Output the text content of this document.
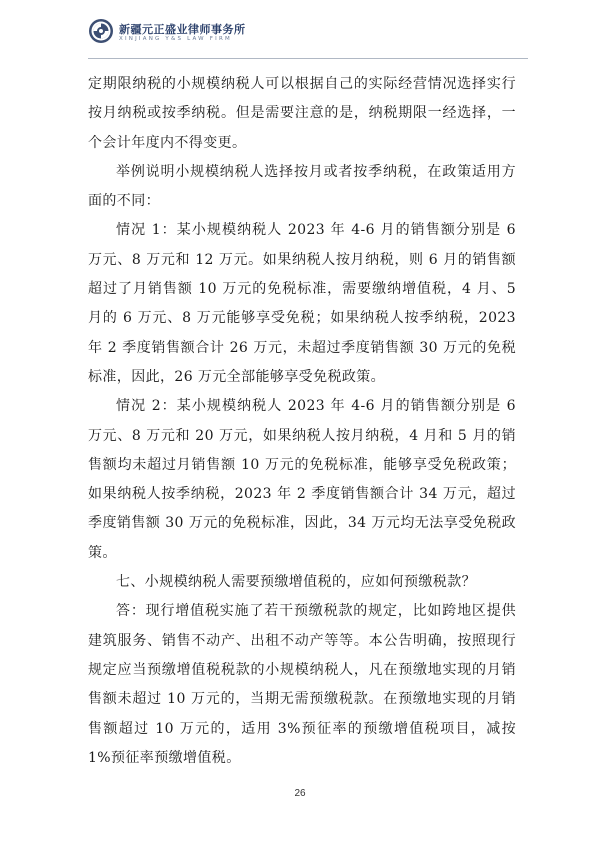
新疆元正盛业律师事务所
XINJIANG Y&S LAW FIRM

定期限纳税的小规模纳税人可以根据自己的实际经营情况选择实行按月纳税或按季纳税。但是需要注意的是，纳税期限一经选择，一个会计年度内不得变更。

举例说明小规模纳税人选择按月或者按季纳税，在政策适用方面的不同：

情况 1：某小规模纳税人 2023 年 4-6 月的销售额分别是 6 万元、8 万元和 12 万元。如果纳税人按月纳税，则 6 月的销售额超过了月销售额 10 万元的免税标准，需要缴纳增值税，4 月、5 月的 6 万元、8 万元能够享受免税；如果纳税人按季纳税，2023 年 2 季度销售额合计 26 万元，未超过季度销售额 30 万元的免税标准，因此，26 万元全部能够享受免税政策。

情况 2：某小规模纳税人 2023 年 4-6 月的销售额分别是 6 万元、8 万元和 20 万元，如果纳税人按月纳税，4 月和 5 月的销售额均未超过月销售额 10 万元的免税标准，能够享受免税政策；如果纳税人按季纳税，2023 年 2 季度销售额合计 34 万元，超过季度销售额 30 万元的免税标准，因此，34 万元均无法享受免税政策。

七、小规模纳税人需要预缴增值税的，应如何预缴税款？

答：现行增值税实施了若干预缴税款的规定，比如跨地区提供建筑服务、销售不动产、出租不动产等等。本公告明确，按照现行规定应当预缴增值税税款的小规模纳税人，凡在预缴地实现的月销售额未超过 10 万元的，当期无需预缴税款。在预缴地实现的月销售额超过 10 万元的，适用 3%预征率的预缴增值税项目，减按 1%预征率预缴增值税。

26
